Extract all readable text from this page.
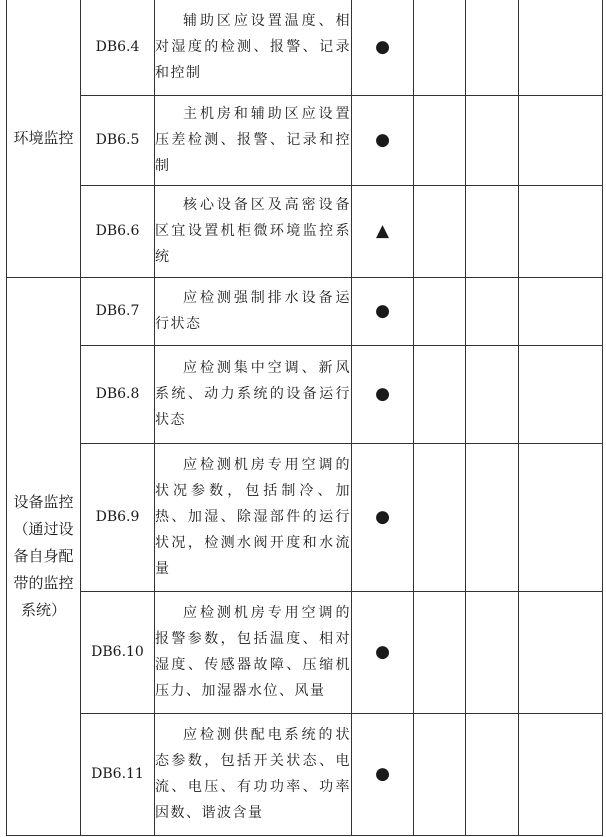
环境监控	DB6.4	辅助区应设置温度、相对湿度的检测、报警、记录和控制	●			
	DB6.5	主机房和辅助区应设置压差检测、报警、记录和控制	●			
	DB6.6	核心设备区及高密设备区宜设置机柜微环境监控系统	▲			
设备监控（通过设备自身配带的监控系统）	DB6.7	应检测强制排水设备运行状态	●			
	DB6.8	应检测集中空调、新风系统、动力系统的设备运行状态	●			
	DB6.9	应检测机房专用空调的状况参数，包括制冷、加热、加湿、除湿部件的运行状况，检测水阀开度和水流量	●			
	DB6.10	应检测机房专用空调的报警参数，包括温度、相对湿度、传感器故障、压缩机压力、加湿器水位、风量	●			
	DB6.11	应检测供配电系统的状态参数，包括开关状态、电流、电压、有功功率、功率因数、谐波含量	●			
